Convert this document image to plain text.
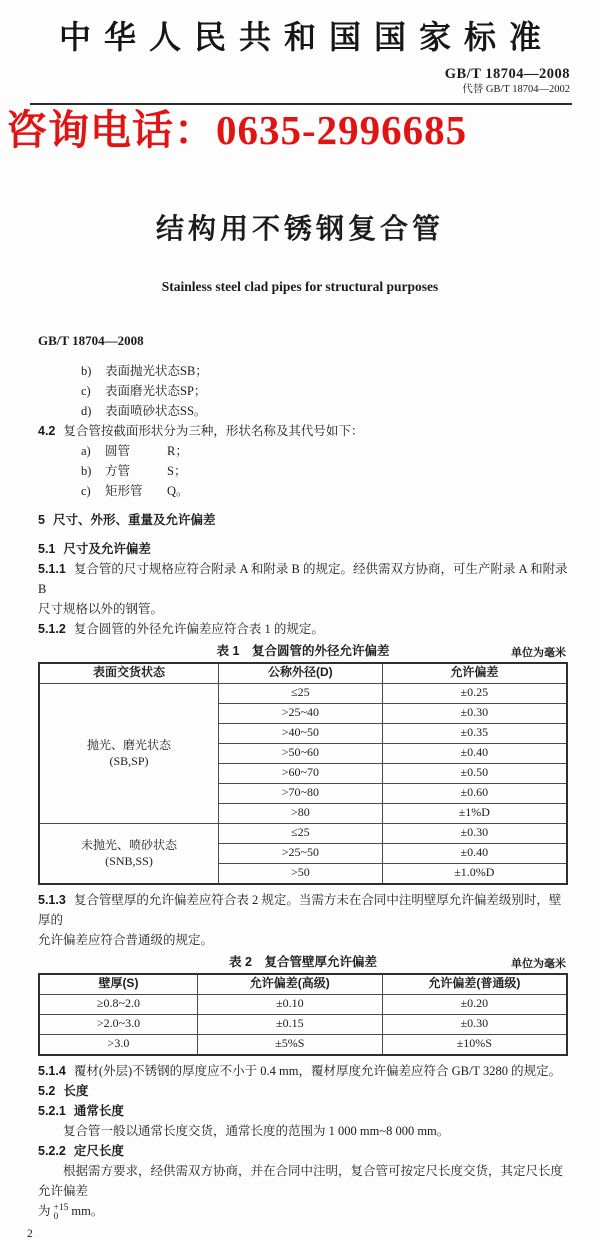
中华人民共和国国家标准
GB/T 18704—2008
代替 GB/T 18704—2002
咨询电话：0635-2996685
结构用不锈钢复合管
Stainless steel clad pipes for structural purposes
GB/T 18704—2008
b) 表面抛光状态SB；
c) 表面磨光状态SP；
d) 表面喷砂状态SS。
4.2 复合管按截面形状分为三种，形状名称及其代号如下：
a) 圆管	R；
b) 方管	S；
c) 矩形管 Q。
5 尺寸、外形、重量及允许偏差
5.1 尺寸及允许偏差
5.1.1 复合管的尺寸规格应符合附录 A 和附录 B 的规定。经供需双方协商，可生产附录 A 和附录 B
尺寸规格以外的钢管。
5.1.2 复合圆管的外径允许偏差应符合表 1 的规定。
表 1　复合圆管的外径允许偏差	单位为毫米
表面交货状态	公称外径(D)	允许偏差
抛光、磨光状态
(SB,SP)	≤25	±0.25
	>25~40	±0.30
	>40~50	±0.35
	>50~60	±0.40
	>60~70	±0.50
	>70~80	±0.60
	>80	±1%D
未抛光、喷砂状态
(SNB,SS)	≤25	±0.30
	>25~50	±0.40
	>50	±1.0%D
5.1.3 复合管壁厚的允许偏差应符合表 2 规定。当需方未在合同中注明壁厚允许偏差级别时，壁厚的
允许偏差应符合普通级的规定。
表 2　复合管壁厚允许偏差	单位为毫米
壁厚(S)	允许偏差(高级)	允许偏差(普通级)
≥0.8~2.0	±0.10	±0.20
>2.0~3.0	±0.15	±0.30
>3.0	±5%S	±10%S
5.1.4 覆材(外层)不锈钢的厚度应不小于 0.4 mm，覆材厚度允许偏差应符合 GB/T 3280 的规定。
5.2 长度
5.2.1 通常长度
复合管一般以通常长度交货，通常长度的范围为 1 000 mm~8 000 mm。
5.2.2 定尺长度
根据需方要求，经供需双方协商，并在合同中注明，复合管可按定尺长度交货，其定尺长度允许偏差
为 +15
0	mm。
2
